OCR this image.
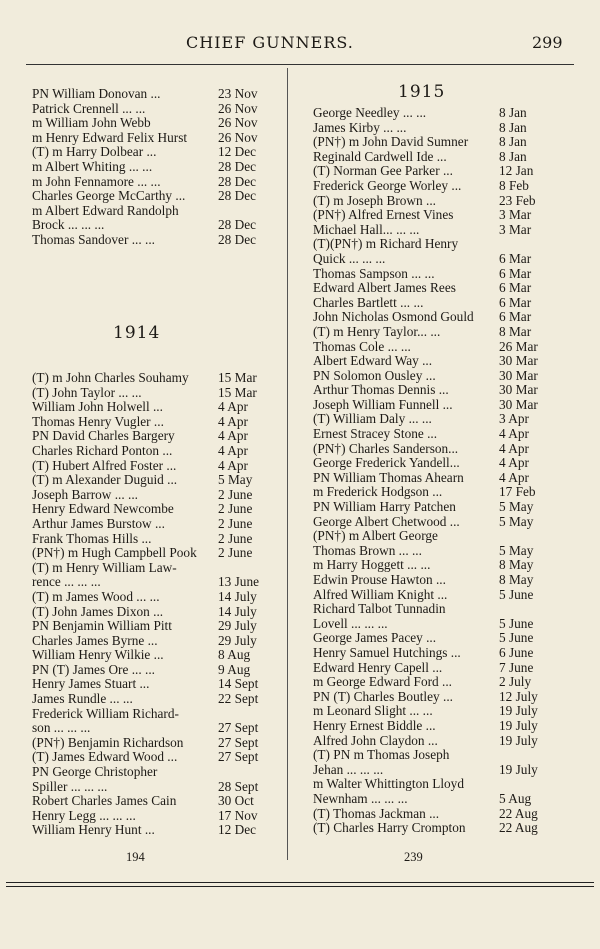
CHIEF GUNNERS.	299
PN William Donovan ...	23 Nov
Patrick Crennell ... ...	26 Nov
m William John Webb	26 Nov
m Henry Edward Felix Hurst	26 Nov
(T) m Harry Dolbear ...	12 Dec
m Albert Whiting ... ...	28 Dec
m John Fennamore ... ...	28 Dec
Charles George McCarthy ...	28 Dec
m Albert Edward Randolph
Brock ... ... ...	28 Dec
Thomas Sandover ... ...	28 Dec
1914
(T) m John Charles Souhamy	15 Mar
(T) John Taylor ... ...	15 Mar
William John Holwell ...	4 Apr
Thomas Henry Vugler ...	4 Apr
PN David Charles Bargery	4 Apr
Charles Richard Ponton ...	4 Apr
(T) Hubert Alfred Foster ...	4 Apr
(T) m Alexander Duguid ...	5 May
Joseph Barrow ... ...	2 June
Henry Edward Newcombe	2 June
Arthur James Burstow ...	2 June
Frank Thomas Hills ...	2 June
(PN†) m Hugh Campbell Pook	2 June
(T) m Henry William Law-
rence ... ... ...	13 June
(T) m James Wood ... ...	14 July
(T) John James Dixon ...	14 July
PN Benjamin William Pitt	29 July
Charles James Byrne ...	29 July
William Henry Wilkie ...	8 Aug
PN (T) James Ore ... ...	9 Aug
Henry James Stuart ...	14 Sept
James Rundle ... ...	22 Sept
Frederick William Richard-
son ... ... ...	27 Sept
(PN†) Benjamin Richardson	27 Sept
(T) James Edward Wood ...	27 Sept
PN George Christopher
Spiller ... ... ...	28 Sept
Robert Charles James Cain	30 Oct
Henry Legg ... ... ...	17 Nov
William Henry Hunt ...	12 Dec
1915
George Needley ... ...	8 Jan
James Kirby ... ...	8 Jan
(PN†) m John David Sumner	8 Jan
Reginald Cardwell Ide ...	8 Jan
(T) Norman Gee Parker ...	12 Jan
Frederick George Worley ...	8 Feb
(T) m Joseph Brown ...	23 Feb
(PN†) Alfred Ernest Vines	3 Mar
Michael Hall... ... ...	3 Mar
(T)(PN†) m Richard Henry
Quick ... ... ...	6 Mar
Thomas Sampson ... ...	6 Mar
Edward Albert James Rees	6 Mar
Charles Bartlett ... ...	6 Mar
John Nicholas Osmond Gould	6 Mar
(T) m Henry Taylor... ...	8 Mar
Thomas Cole ... ...	26 Mar
Albert Edward Way ...	30 Mar
PN Solomon Ousley ...	30 Mar
Arthur Thomas Dennis ...	30 Mar
Joseph William Funnell ...	30 Mar
(T) William Daly ... ...	3 Apr
Ernest Stracey Stone ...	4 Apr
(PN†) Charles Sanderson...	4 Apr
George Frederick Yandell...	4 Apr
PN William Thomas Ahearn	4 Apr
m Frederick Hodgson ...	17 Feb
PN William Harry Patchen	5 May
George Albert Chetwood ...	5 May
(PN†) m Albert George
Thomas Brown ... ...	5 May
m Harry Hoggett ... ...	8 May
Edwin Prouse Hawton ...	8 May
Alfred William Knight ...	5 June
Richard Talbot Tunnadin
Lovell ... ... ...	5 June
George James Pacey ...	5 June
Henry Samuel Hutchings ...	6 June
Edward Henry Capell ...	7 June
m George Edward Ford ...	2 July
PN (T) Charles Boutley ...	12 July
m Leonard Slight ... ...	19 July
Henry Ernest Biddle ...	19 July
Alfred John Claydon ...	19 July
(T) PN m Thomas Joseph
Jehan ... ... ...	19 July
m Walter Whittington Lloyd
Newnham ... ... ...	5 Aug
(T) Thomas Jackman ...	22 Aug
(T) Charles Harry Crompton	22 Aug
194	239
